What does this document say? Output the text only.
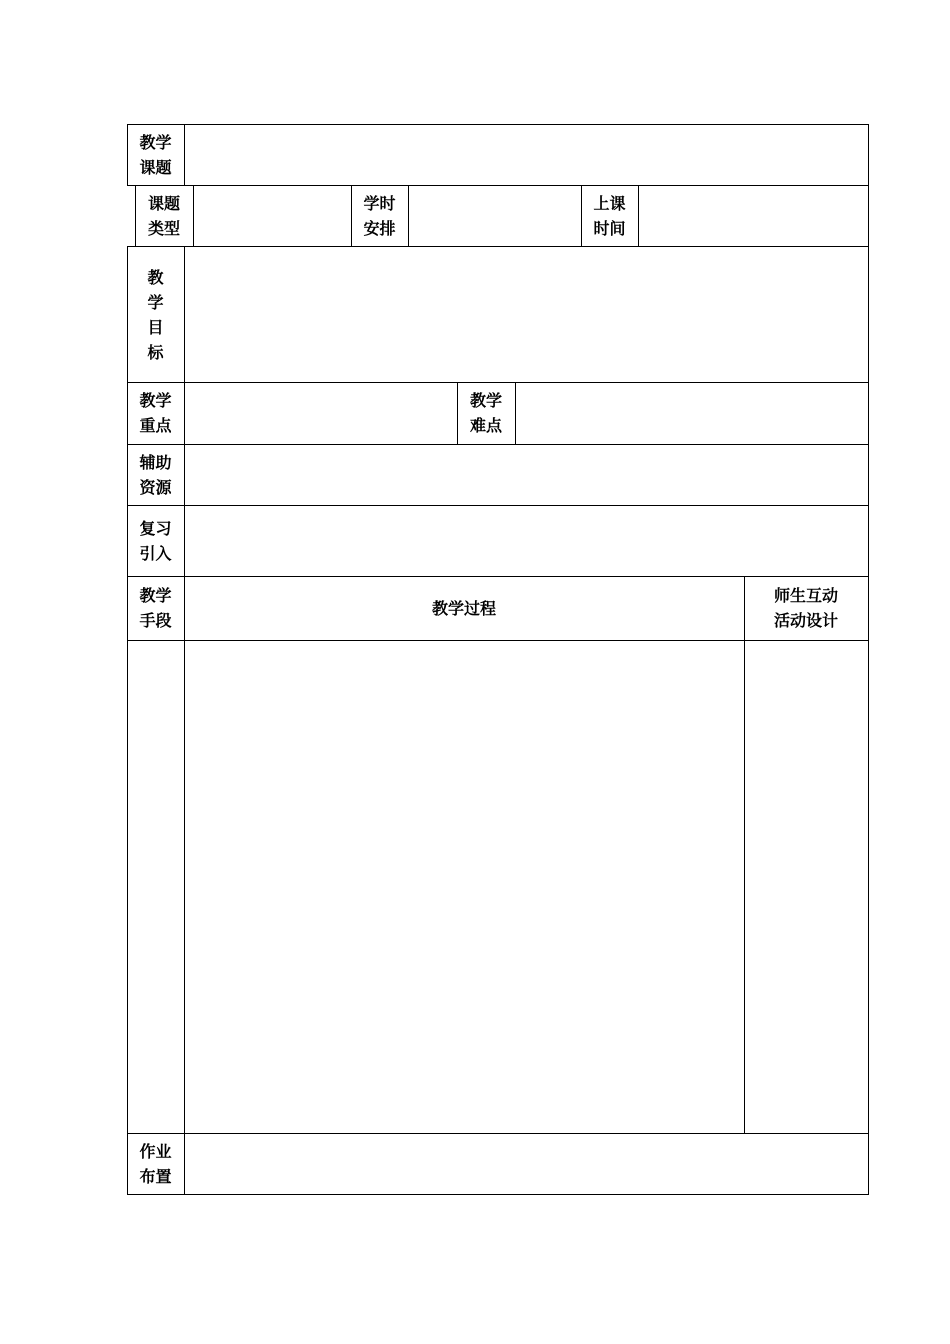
教学
课题
课题
类型
学时
安排
上课
时间
教
学
目
标
教学
重点
教学
难点
辅助
资源
复习
引入
教学
手段
教学过程
师生互动
活动设计
作业
布置
